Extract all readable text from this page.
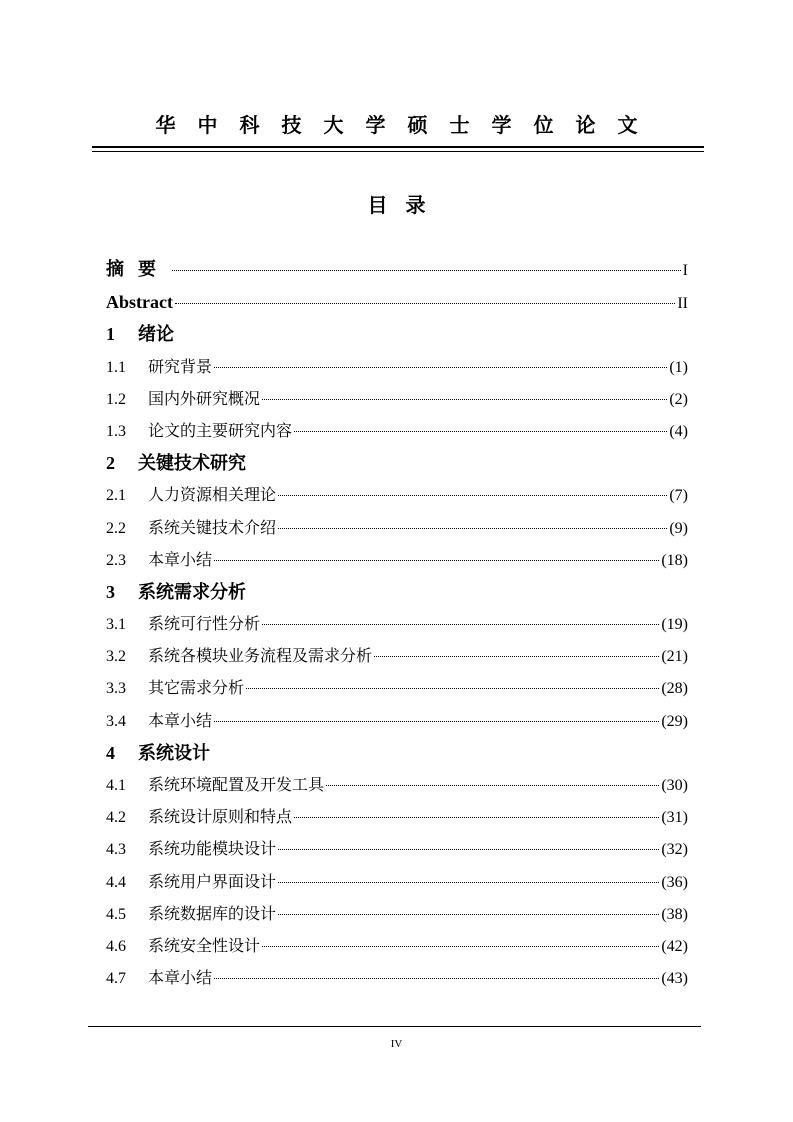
华中科技大学硕士学位论文
目录
摘要	I
Abstract	II
1	绪论
1.1	研究背景	(1)
1.2	国内外研究概况	(2)
1.3	论文的主要研究内容	(4)
2	关键技术研究
2.1	人力资源相关理论	(7)
2.2	系统关键技术介绍	(9)
2.3	本章小结	(18)
3	系统需求分析
3.1	系统可行性分析	(19)
3.2	系统各模块业务流程及需求分析	(21)
3.3	其它需求分析	(28)
3.4	本章小结	(29)
4	系统设计
4.1	系统环境配置及开发工具	(30)
4.2	系统设计原则和特点	(31)
4.3	系统功能模块设计	(32)
4.4	系统用户界面设计	(36)
4.5	系统数据库的设计	(38)
4.6	系统安全性设计	(42)
4.7	本章小结	(43)
IV
